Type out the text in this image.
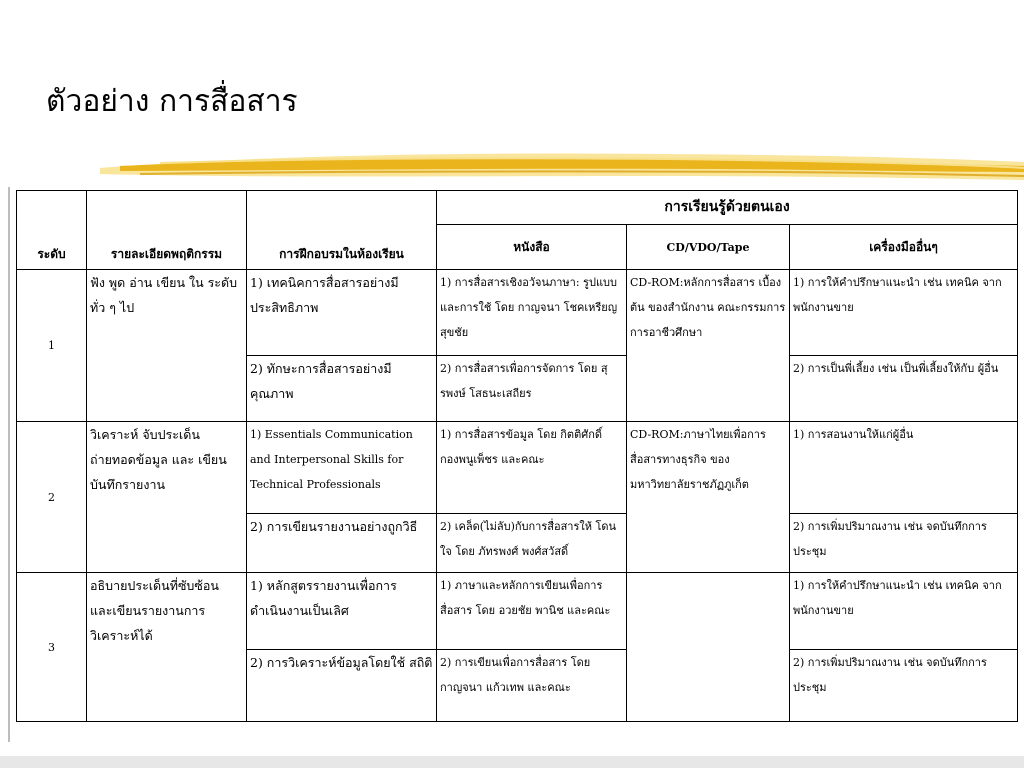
ตัวอย่าง การสื่อสาร
ระดับ	รายละเอียดพฤติกรรม	การฝึกอบรมในห้องเรียน	การเรียนรู้ด้วยตนเอง		
			หนังสือ	CD/VDO/Tape	เครื่องมืออื่นๆ
1	ฟัง พูด อ่าน เขียน ใน ระดับทั่ว ๆ ไป	1) เทคนิคการสื่อสารอย่างมี ประสิทธิภาพ	1) การสื่อสารเชิงอวัจนภาษา: รูปแบบและการใช้ โดย กาญจนา โชคเหรียญสุขชัย	CD-ROM:หลักการสื่อสาร เบื้องต้น ของสำนักงาน คณะกรรมการการอาชีวศึกษา	1) การให้คำปรึกษาแนะนำ เช่น เทคนิค จากพนักงานขาย
		2) ทักษะการสื่อสารอย่างมี คุณภาพ	2) การสื่อสารเพื่อการจัดการ โดย สุ รพงษ์ โสธนะเสถียร		2) การเป็นพี่เลี้ยง เช่น เป็นพี่เลี้ยงให้กับ ผู้อื่น
2	วิเคราะห์ จับประเด็น ถ่ายทอดข้อมูล และ เขียน บันทึกรายงาน	1) Essentials Communication and Interpersonal Skills for Technical Professionals	1) การสื่อสารข้อมูล โดย กิตติศักดิ์ กองพนูเพ็ชร และคณะ	CD-ROM:ภาษาไทยเพื่อการ สื่อสารทางธุรกิจ ของ มหาวิทยาลัยราชภัฏภูเก็ต	1) การสอนงานให้แก่ผู้อื่น
		2) การเขียนรายงานอย่างถูกวิธี	2) เคล็ด(ไม่ลับ)กับการสื่อสารให้ โดนใจ โดย ภัทรพงศ์ พงศ์สวัสดิ์		2) การเพิ่มปริมาณงาน เช่น จดบันทึกการ ประชุม
3	อธิบายประเด็นที่ซับซ้อน และเขียนรายงานการ วิเคราะห์ได้	1) หลักสูตรรายงานเพื่อการ ดำเนินงานเป็นเลิศ	1) ภาษาและหลักการเขียนเพื่อการ สื่อสาร โดย อวยชัย พานิช และคณะ		1) การให้คำปรึกษาแนะนำ เช่น เทคนิค จากพนักงานขาย
		2) การวิเคราะห์ข้อมูลโดยใช้ สถิติ	2) การเขียนเพื่อการสื่อสาร โดย กาญจนา แก้วเทพ และคณะ		2) การเพิ่มปริมาณงาน เช่น จดบันทึกการ ประชุม
